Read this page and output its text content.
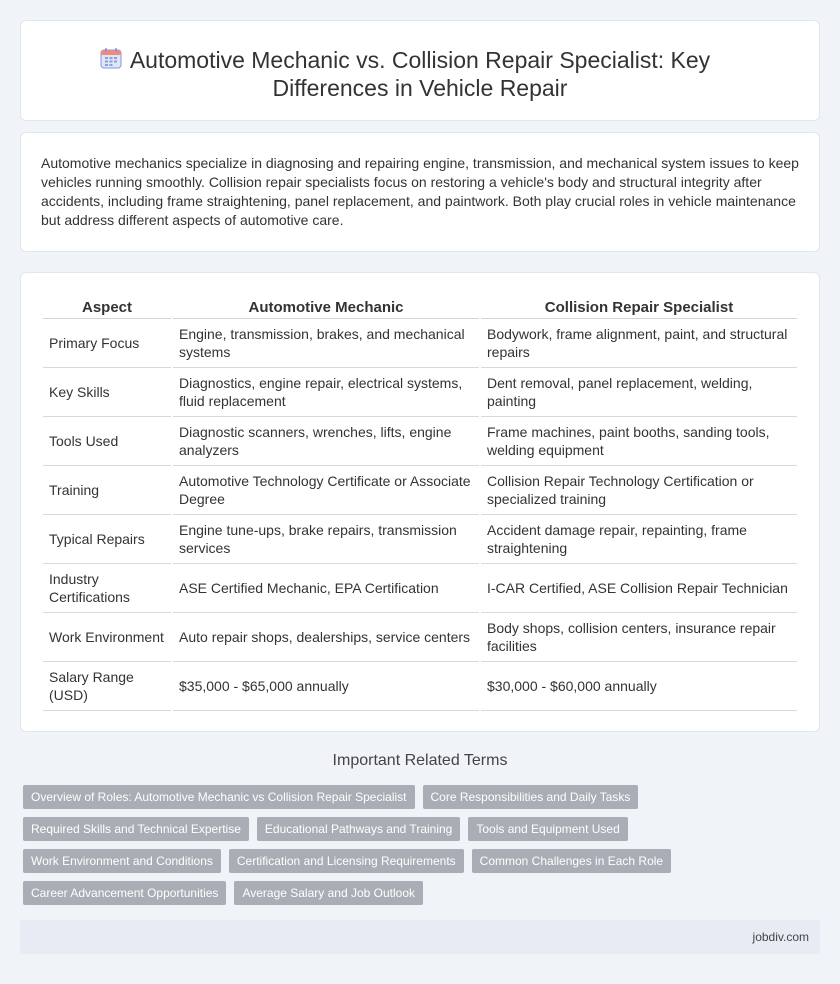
Automotive Mechanic vs. Collision Repair Specialist: Key Differences in Vehicle Repair

Automotive mechanics specialize in diagnosing and repairing engine, transmission, and mechanical system issues to keep vehicles running smoothly. Collision repair specialists focus on restoring a vehicle's body and structural integrity after accidents, including frame straightening, panel replacement, and paintwork. Both play crucial roles in vehicle maintenance but address different aspects of automotive care.

Aspect	Automotive Mechanic	Collision Repair Specialist
Primary Focus	Engine, transmission, brakes, and mechanical systems	Bodywork, frame alignment, paint, and structural repairs
Key Skills	Diagnostics, engine repair, electrical systems, fluid replacement	Dent removal, panel replacement, welding, painting
Tools Used	Diagnostic scanners, wrenches, lifts, engine analyzers	Frame machines, paint booths, sanding tools, welding equipment
Training	Automotive Technology Certificate or Associate Degree	Collision Repair Technology Certification or specialized training
Typical Repairs	Engine tune-ups, brake repairs, transmission services	Accident damage repair, repainting, frame straightening
Industry Certifications	ASE Certified Mechanic, EPA Certification	I-CAR Certified, ASE Collision Repair Technician
Work Environment	Auto repair shops, dealerships, service centers	Body shops, collision centers, insurance repair facilities
Salary Range (USD)	$35,000 - $65,000 annually	$30,000 - $60,000 annually
Important Related Terms
Overview of Roles: Automotive Mechanic vs Collision Repair Specialist	Core Responsibilities and Daily Tasks
Required Skills and Technical Expertise	Educational Pathways and Training	Tools and Equipment Used
Work Environment and Conditions	Certification and Licensing Requirements	Common Challenges in Each Role
Career Advancement Opportunities	Average Salary and Job Outlook
jobdiv.com
